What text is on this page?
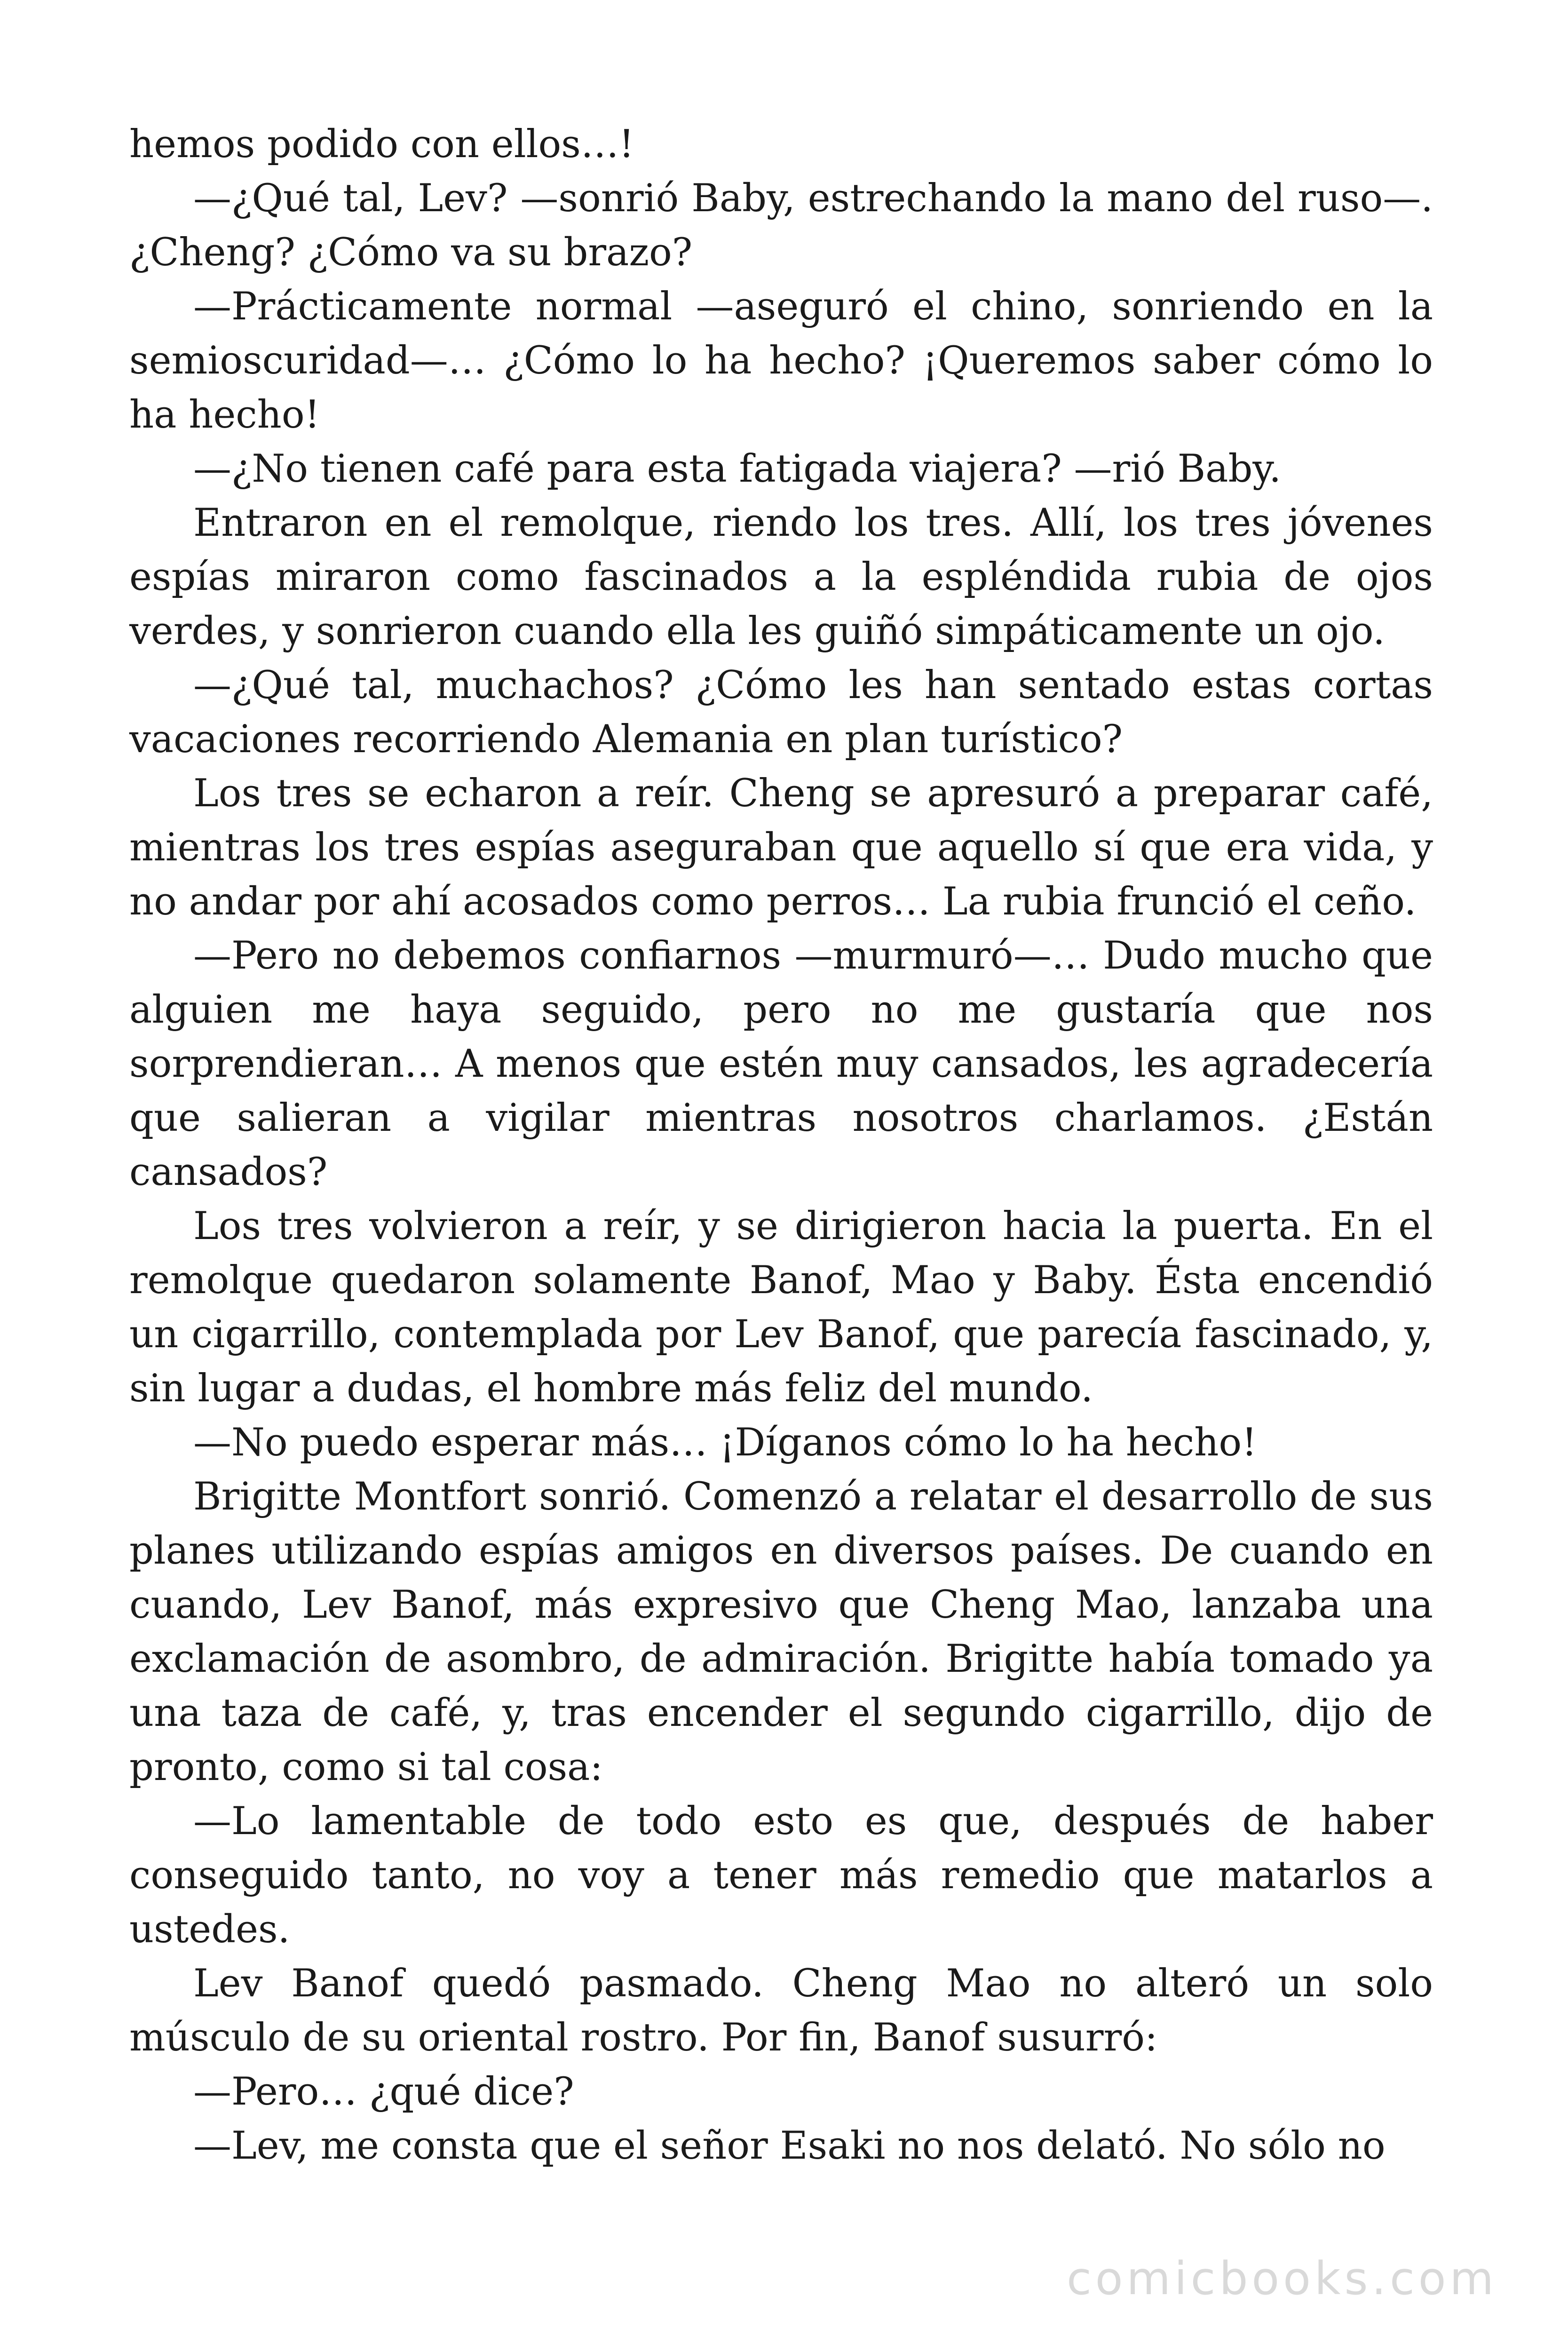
hemos podido con ellos…!

—¿Qué tal, Lev? —sonrió Baby, estrechando la mano del ruso—. ¿Cheng? ¿Cómo va su brazo?

—Prácticamente normal —aseguró el chino, sonriendo en la semioscuridad—… ¿Cómo lo ha hecho? ¡Queremos saber cómo lo ha hecho!

—¿No tienen café para esta fatigada viajera? —rió Baby.

Entraron en el remolque, riendo los tres. Allí, los tres jóvenes espías miraron como fascinados a la espléndida rubia de ojos verdes, y sonrieron cuando ella les guiñó simpáticamente un ojo.

—¿Qué tal, muchachos? ¿Cómo les han sentado estas cortas vacaciones recorriendo Alemania en plan turístico?

Los tres se echaron a reír. Cheng se apresuró a preparar café, mientras los tres espías aseguraban que aquello sí que era vida, y no andar por ahí acosados como perros… La rubia frunció el ceño.

—Pero no debemos confiarnos —murmuró—… Dudo mucho que alguien me haya seguido, pero no me gustaría que nos sorprendieran… A menos que estén muy cansados, les agradecería que salieran a vigilar mientras nosotros charlamos. ¿Están cansados?

Los tres volvieron a reír, y se dirigieron hacia la puerta. En el remolque quedaron solamente Banof, Mao y Baby. Ésta encendió un cigarrillo, contemplada por Lev Banof, que parecía fascinado, y, sin lugar a dudas, el hombre más feliz del mundo.

—No puedo esperar más… ¡Díganos cómo lo ha hecho!

Brigitte Montfort sonrió. Comenzó a relatar el desarrollo de sus planes utilizando espías amigos en diversos países. De cuando en cuando, Lev Banof, más expresivo que Cheng Mao, lanzaba una exclamación de asombro, de admiración. Brigitte había tomado ya una taza de café, y, tras encender el segundo cigarrillo, dijo de pronto, como si tal cosa:

—Lo lamentable de todo esto es que, después de haber conseguido tanto, no voy a tener más remedio que matarlos a ustedes.

Lev Banof quedó pasmado. Cheng Mao no alteró un solo músculo de su oriental rostro. Por fin, Banof susurró:

—Pero… ¿qué dice?

—Lev, me consta que el señor Esaki no nos delató. No sólo no

comicbooks.com
